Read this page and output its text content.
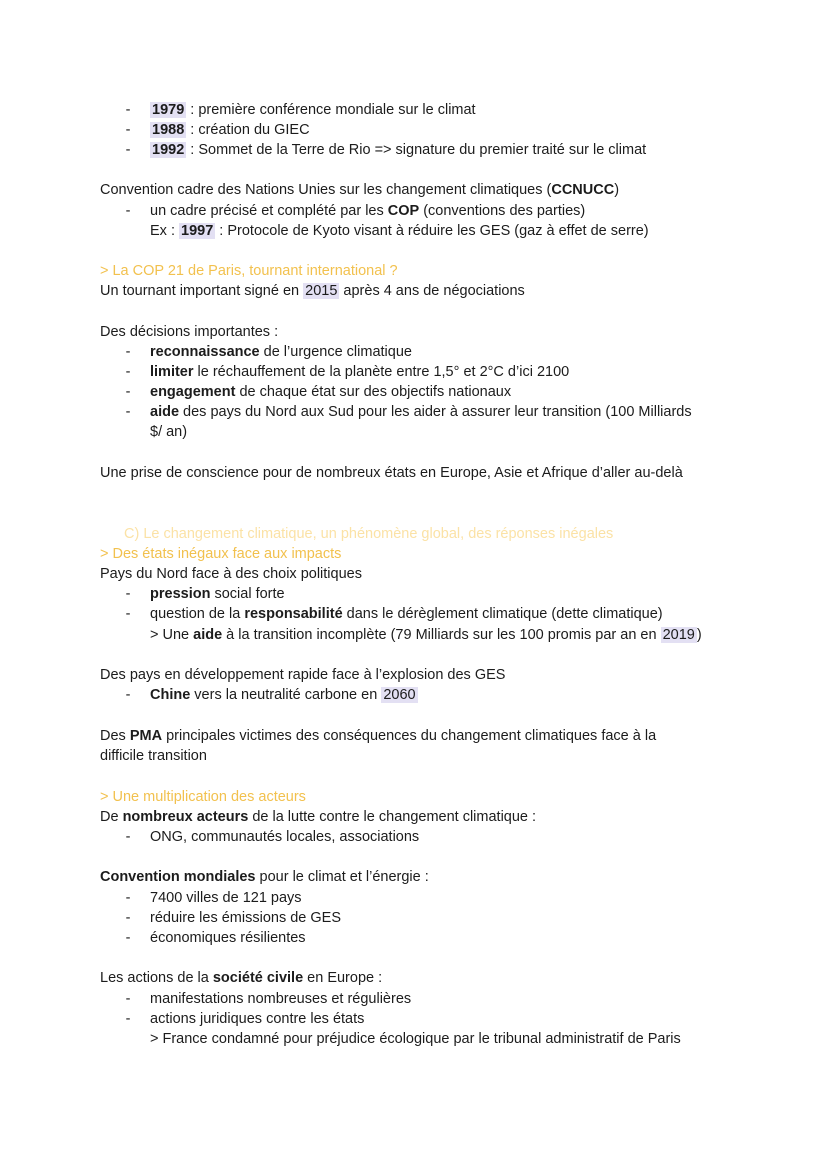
- 1979 : première conférence mondiale sur le climat
- 1988 : création du GIEC
- 1992 : Sommet de la Terre de Rio => signature du premier traité sur le climat
Convention cadre des Nations Unies sur les changement climatiques (CCNUCC)
- un cadre précisé et complété par les COP (conventions des parties)
Ex : 1997 : Protocole de Kyoto visant à réduire les GES (gaz à effet de serre)
> La COP 21 de Paris, tournant international ?
Un tournant important signé en 2015 après 4 ans de négociations
Des décisions importantes :
- reconnaissance de l’urgence climatique
- limiter le réchauffement de la planète entre 1,5° et 2°C d’ici 2100
- engagement de chaque état sur des objectifs nationaux
- aide des pays du Nord aux Sud pour les aider à assurer leur transition (100 Milliards
$/ an)
Une prise de conscience pour de nombreux états en Europe, Asie et Afrique d’aller au-delà
C) Le changement climatique, un phénomène global, des réponses inégales
> Des états inégaux face aux impacts
Pays du Nord face à des choix politiques
- pression social forte
- question de la responsabilité dans le dérèglement climatique (dette climatique)
> Une aide à la transition incomplète (79 Milliards sur les 100 promis par an en 2019 )
Des pays en développement rapide face à l’explosion des GES
- Chine vers la neutralité carbone en 2060
Des PMA principales victimes des conséquences du changement climatiques face à la
difficile transition
> Une multiplication des acteurs
De nombreux acteurs de la lutte contre le changement climatique :
- ONG, communautés locales, associations
Convention mondiales pour le climat et l’énergie :
- 7400 villes de 121 pays
- réduire les émissions de GES
- économiques résilientes
Les actions de la société civile en Europe :
- manifestations nombreuses et régulières
- actions juridiques contre les états
> France condamné pour préjudice écologique par le tribunal administratif de Paris
